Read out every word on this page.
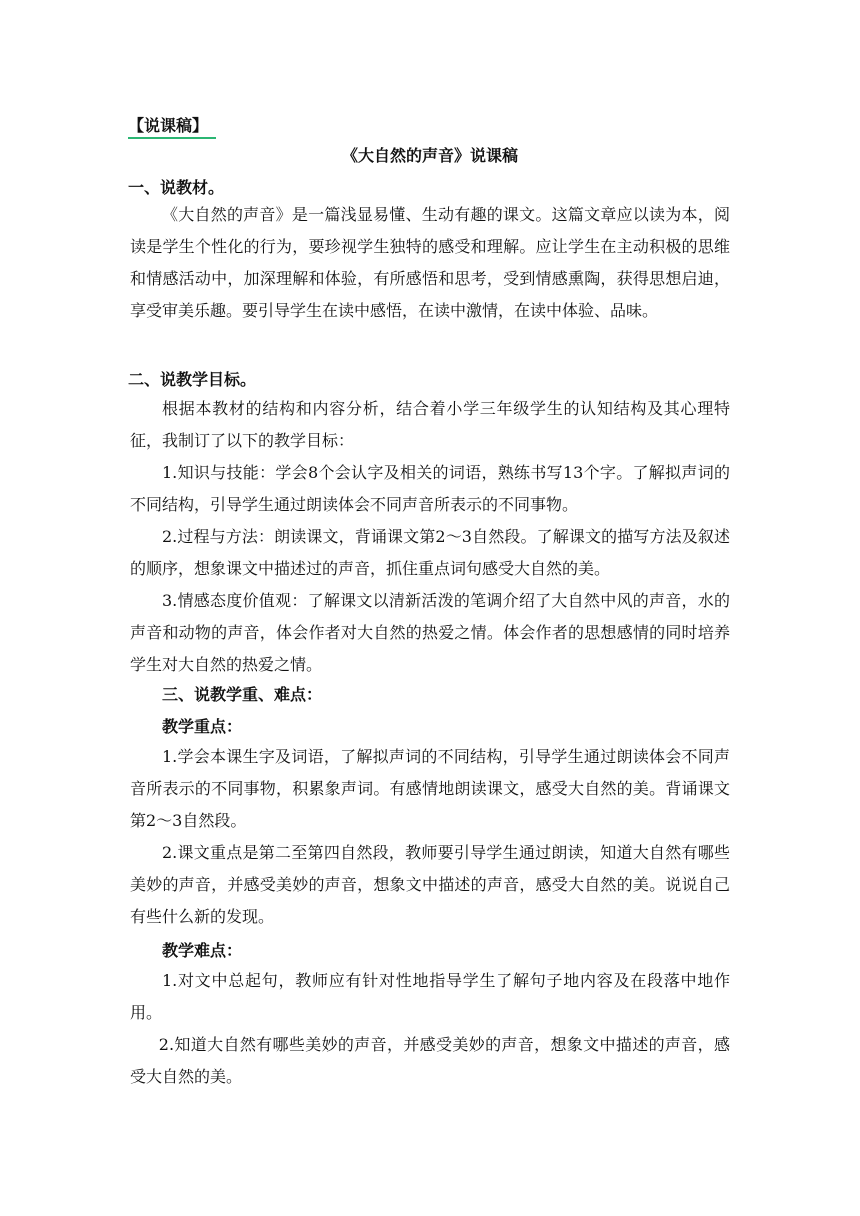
【说课稿】
《大自然的声音》说课稿

一、说教材。

《大自然的声音》是一篇浅显易懂、生动有趣的课文。这篇文章应以读为本，阅读是学生个性化的行为，要珍视学生独特的感受和理解。应让学生在主动积极的思维和情感活动中，加深理解和体验，有所感悟和思考，受到情感熏陶，获得思想启迪，享受审美乐趣。要引导学生在读中感悟，在读中激情，在读中体验、品味。

二、说教学目标。

根据本教材的结构和内容分析，结合着小学三年级学生的认知结构及其心理特征，我制订了以下的教学目标：

1.知识与技能：学会8个会认字及相关的词语，熟练书写13个字。了解拟声词的不同结构，引导学生通过朗读体会不同声音所表示的不同事物。

2.过程与方法：朗读课文，背诵课文第2～3自然段。了解课文的描写方法及叙述的顺序，想象课文中描述过的声音，抓住重点词句感受大自然的美。

3.情感态度价值观：了解课文以清新活泼的笔调介绍了大自然中风的声音，水的声音和动物的声音，体会作者对大自然的热爱之情。体会作者的思想感情的同时培养学生对大自然的热爱之情。

三、说教学重、难点：

教学重点：

1.学会本课生字及词语，了解拟声词的不同结构，引导学生通过朗读体会不同声音所表示的不同事物，积累象声词。有感情地朗读课文，感受大自然的美。背诵课文第2～3自然段。

2.课文重点是第二至第四自然段，教师要引导学生通过朗读，知道大自然有哪些美妙的声音，并感受美妙的声音，想象文中描述的声音，感受大自然的美。说说自己有些什么新的发现。

教学难点：

1.对文中总起句，教师应有针对性地指导学生了解句子地内容及在段落中地作用。

2.知道大自然有哪些美妙的声音，并感受美妙的声音，想象文中描述的声音，感受大自然的美。
